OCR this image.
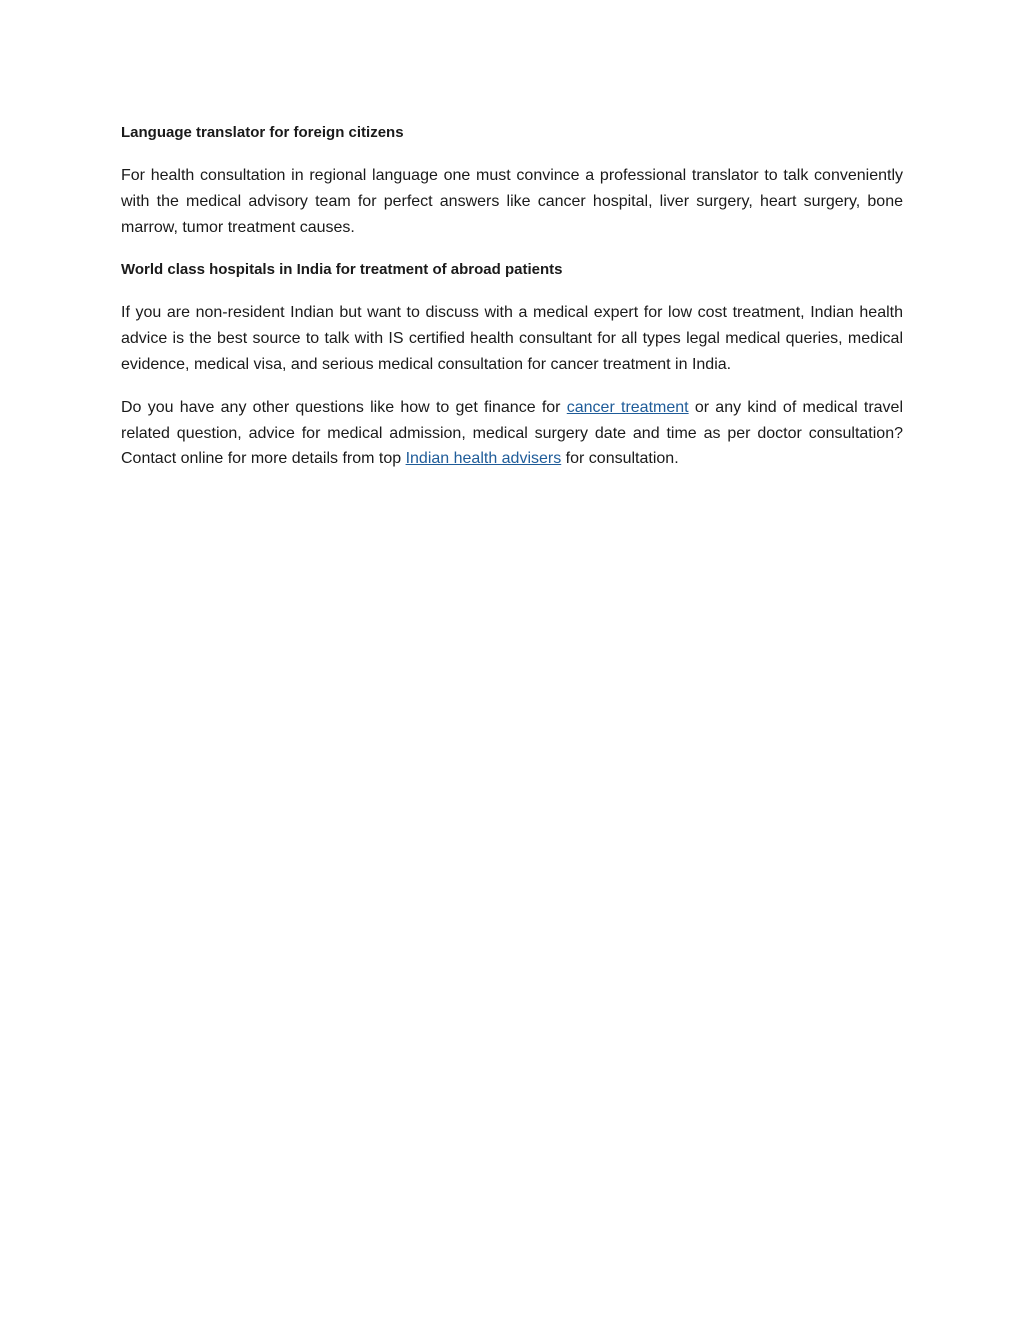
Language translator for foreign citizens
For health consultation in regional language one must convince a professional translator to talk conveniently with the medical advisory team for perfect answers like cancer hospital, liver surgery, heart surgery, bone marrow, tumor treatment causes.
World class hospitals in India for treatment of abroad patients
If you are non-resident Indian but want to discuss with a medical expert for low cost treatment, Indian health advice is the best source to talk with IS certified health consultant for all types legal medical queries, medical evidence, medical visa, and serious medical consultation for cancer treatment in India.
Do you have any other questions like how to get finance for cancer treatment or any kind of medical travel related question, advice for medical admission, medical surgery date and time as per doctor consultation? Contact online for more details from top Indian health advisers for consultation.
